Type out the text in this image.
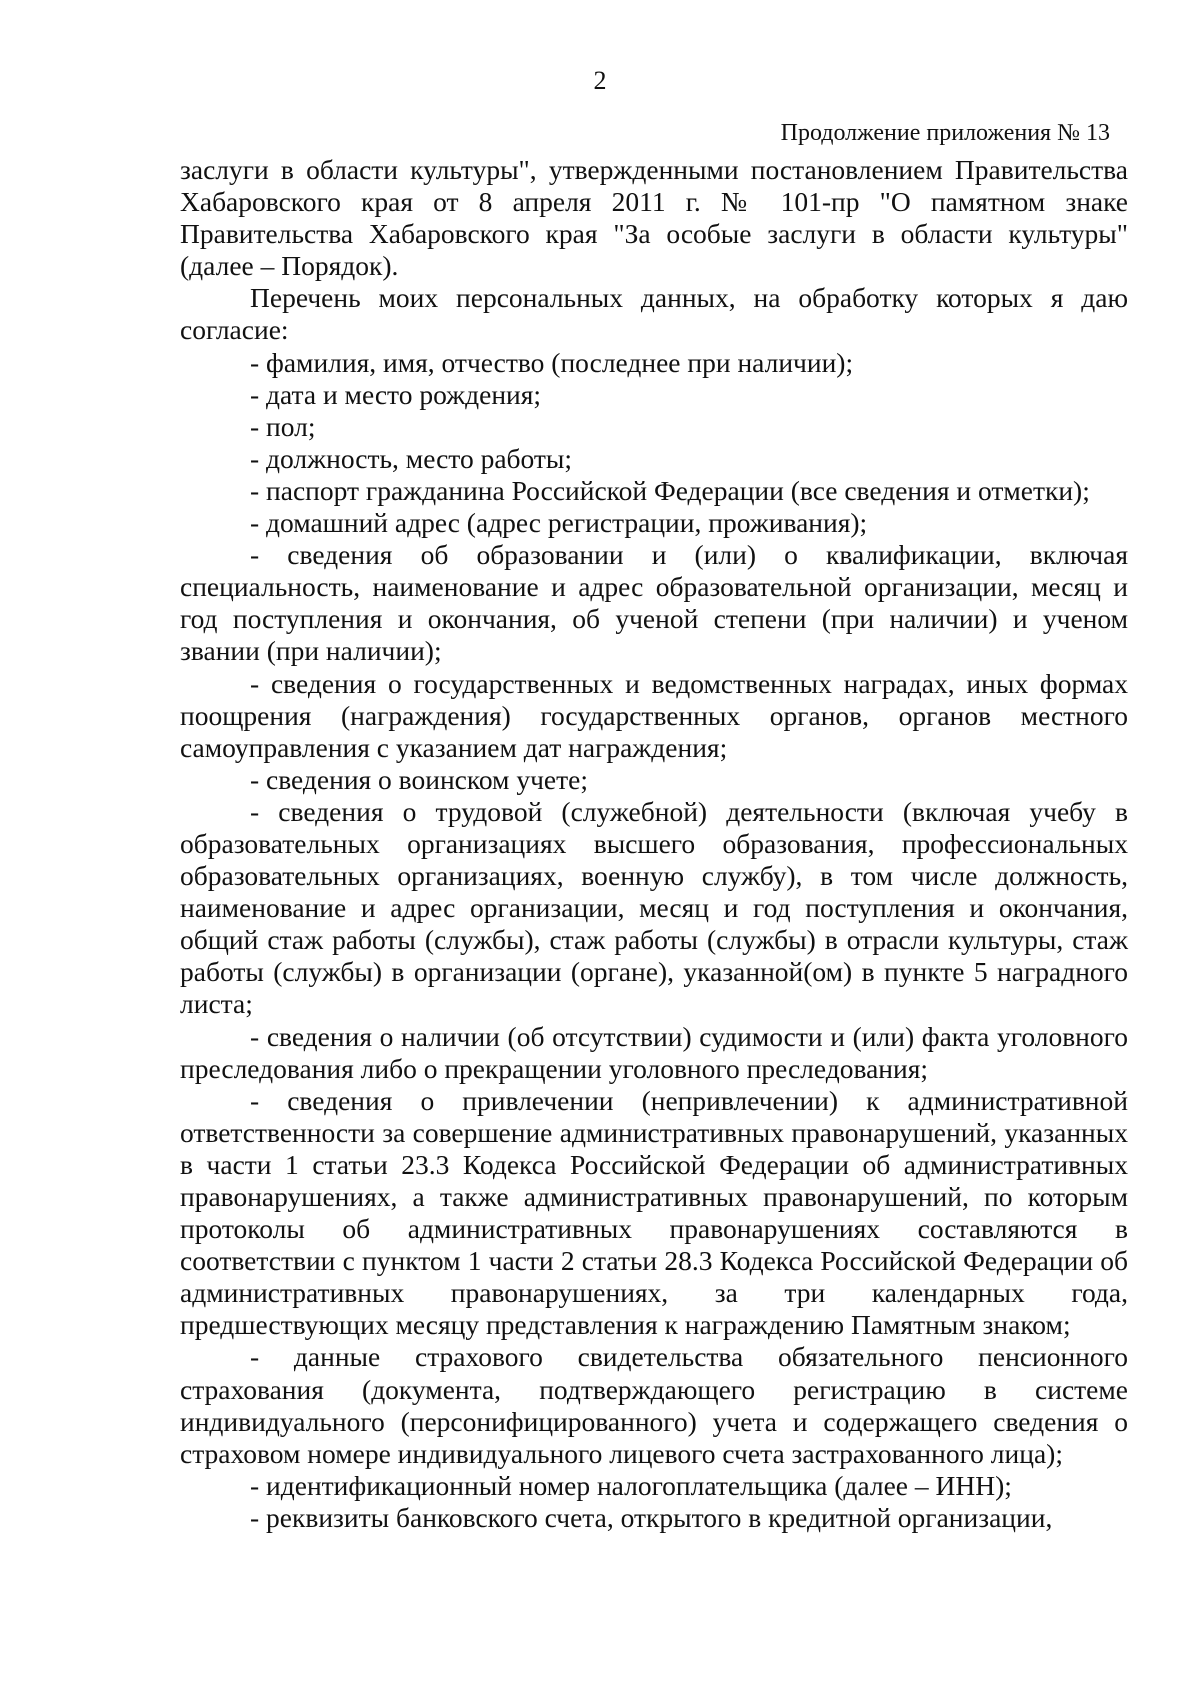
2
Продолжение приложения № 13

заслуги в области культуры", утвержденными постановлением Правительства Хабаровского края от 8 апреля 2011 г. № 101-пр "О памятном знаке Правительства Хабаровского края "За особые заслуги в области культуры" (далее – Порядок).

Перечень моих персональных данных, на обработку которых я даю согласие:

- фамилия, имя, отчество (последнее при наличии);

- дата и место рождения;

- пол;

- должность, место работы;

- паспорт гражданина Российской Федерации (все сведения и отметки);

- домашний адрес (адрес регистрации, проживания);

- сведения об образовании и (или) о квалификации, включая специальность, наименование и адрес образовательной организации, месяц и год поступления и окончания, об ученой степени (при наличии) и ученом звании (при наличии);

- сведения о государственных и ведомственных наградах, иных формах поощрения (награждения) государственных органов, органов местного самоуправления с указанием дат награждения;

- сведения о воинском учете;

- сведения о трудовой (служебной) деятельности (включая учебу в образовательных организациях высшего образования, профессиональных образовательных организациях, военную службу), в том числе должность, наименование и адрес организации, месяц и год поступления и окончания, общий стаж работы (службы), стаж работы (службы) в отрасли культуры, стаж работы (службы) в организации (органе), указанной(ом) в пункте 5 наградного листа;

- сведения о наличии (об отсутствии) судимости и (или) факта уголовного преследования либо о прекращении уголовного преследования;

- сведения о привлечении (непривлечении) к административной ответственности за совершение административных правонарушений, указанных в части 1 статьи 23.3 Кодекса Российской Федерации об административных правонарушениях, а также административных правонарушений, по которым протоколы об административных правонарушениях составляются в соответствии с пунктом 1 части 2 статьи 28.3 Кодекса Российской Федерации об административных правонарушениях, за три календарных года, предшествующих месяцу представления к награждению Памятным знаком;

- данные страхового свидетельства обязательного пенсионного страхования (документа, подтверждающего регистрацию в системе индивидуального (персонифицированного) учета и содержащего сведения о страховом номере индивидуального лицевого счета застрахованного лица);

- идентификационный номер налогоплательщика (далее – ИНН);

- реквизиты банковского счета, открытого в кредитной организации,
